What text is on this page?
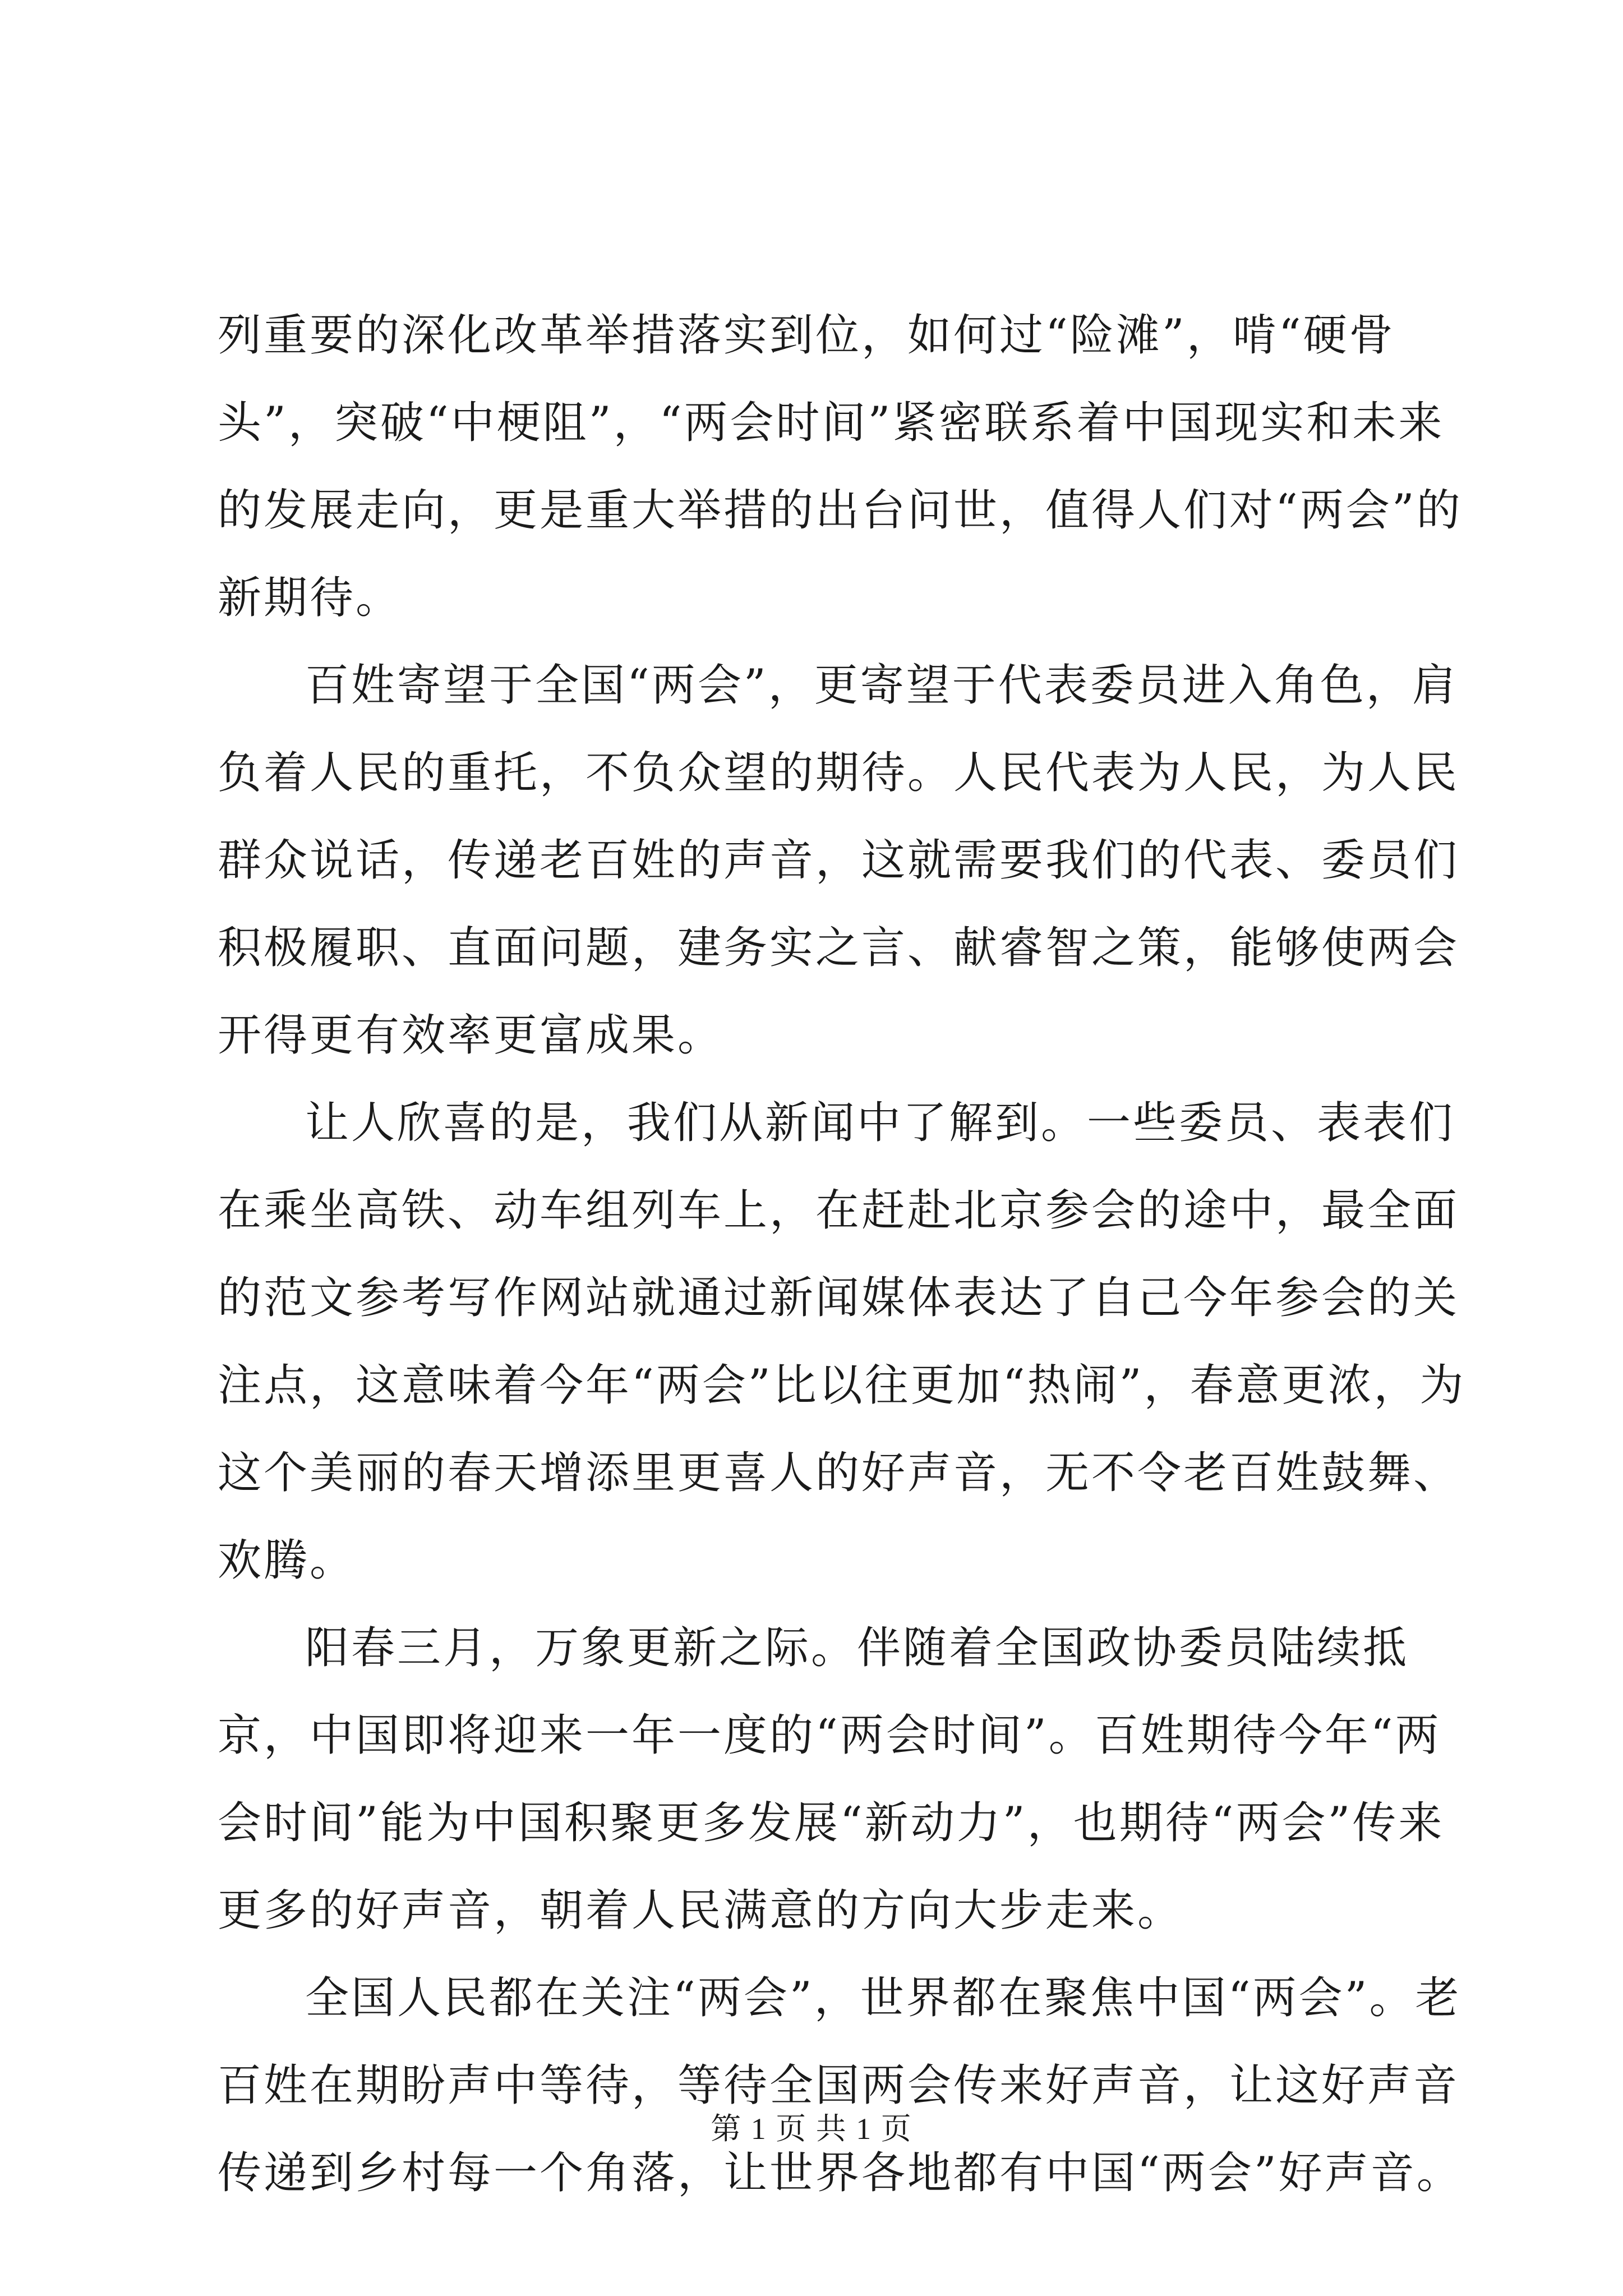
列重要的深化改革举措落实到位，如何过“险滩”，啃“硬骨头”，突破“中梗阻”，“两会时间”紧密联系着中国现实和未来的发展走向，更是重大举措的出台问世，值得人们对“两会”的新期待。

百姓寄望于全国“两会”，更寄望于代表委员进入角色，肩负着人民的重托，不负众望的期待。人民代表为人民，为人民群众说话，传递老百姓的声音，这就需要我们的代表、委员们积极履职、直面问题，建务实之言、献睿智之策，能够使两会开得更有效率更富成果。

让人欣喜的是，我们从新闻中了解到。一些委员、表表们在乘坐高铁、动车组列车上，在赶赴北京参会的途中，最全面的范文参考写作网站就通过新闻媒体表达了自己今年参会的关注点，这意味着今年“两会”比以往更加“热闹”，春意更浓，为这个美丽的春天增添里更喜人的好声音，无不令老百姓鼓舞、欢腾。

阳春三月，万象更新之际。伴随着全国政协委员陆续抵京，中国即将迎来一年一度的“两会时间”。百姓期待今年“两会时间”能为中国积聚更多发展“新动力”，也期待“两会”传来更多的好声音，朝着人民满意的方向大步走来。

全国人民都在关注“两会”，世界都在聚焦中国“两会”。老百姓在期盼声中等待，等待全国两会传来好声音，让这好声音传递到乡村每一个角落，让世界各地都有中国“两会”好声音。

第 1 页 共 1 页
